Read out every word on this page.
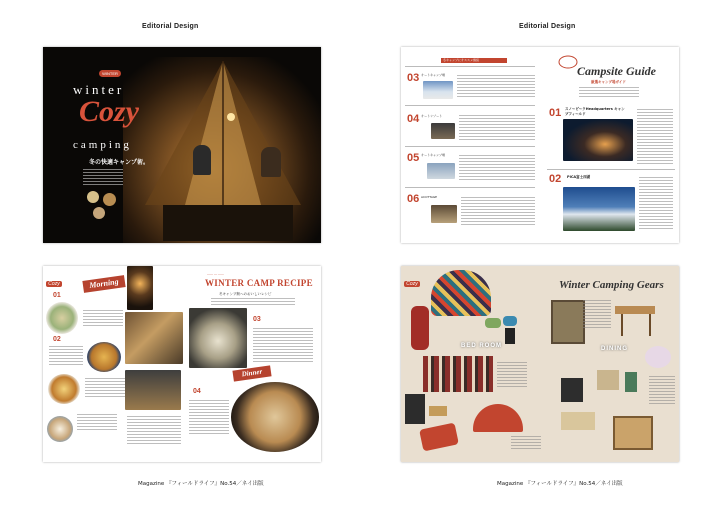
Editorial Design	Editorial Design
WINTER
winter
Cozy
camping
冬の快適キャンプ術。
冬キャンプにオススメ施設
03 オートキャンプ場
04 オートリゾート
05 オートキャンプ場
06 ACOTTAGE
Campsite Guide
厳選キャンプ場ガイド
01 スノーピークHeadquarters キャンプフィールド
02 PICA富士西湖
Cozy	Morning
01
02
―― ― ――
WINTER CAMP RECIPE
冬キャンプ飯へのおいしいレシピ
03
Dinner
04
Cozy
BED ROOM
Winter Camping Gears
DINING
Magazine 『フィールドライフ』No.54／ネイ出版	Magazine 『フィールドライフ』No.54／ネイ出版
